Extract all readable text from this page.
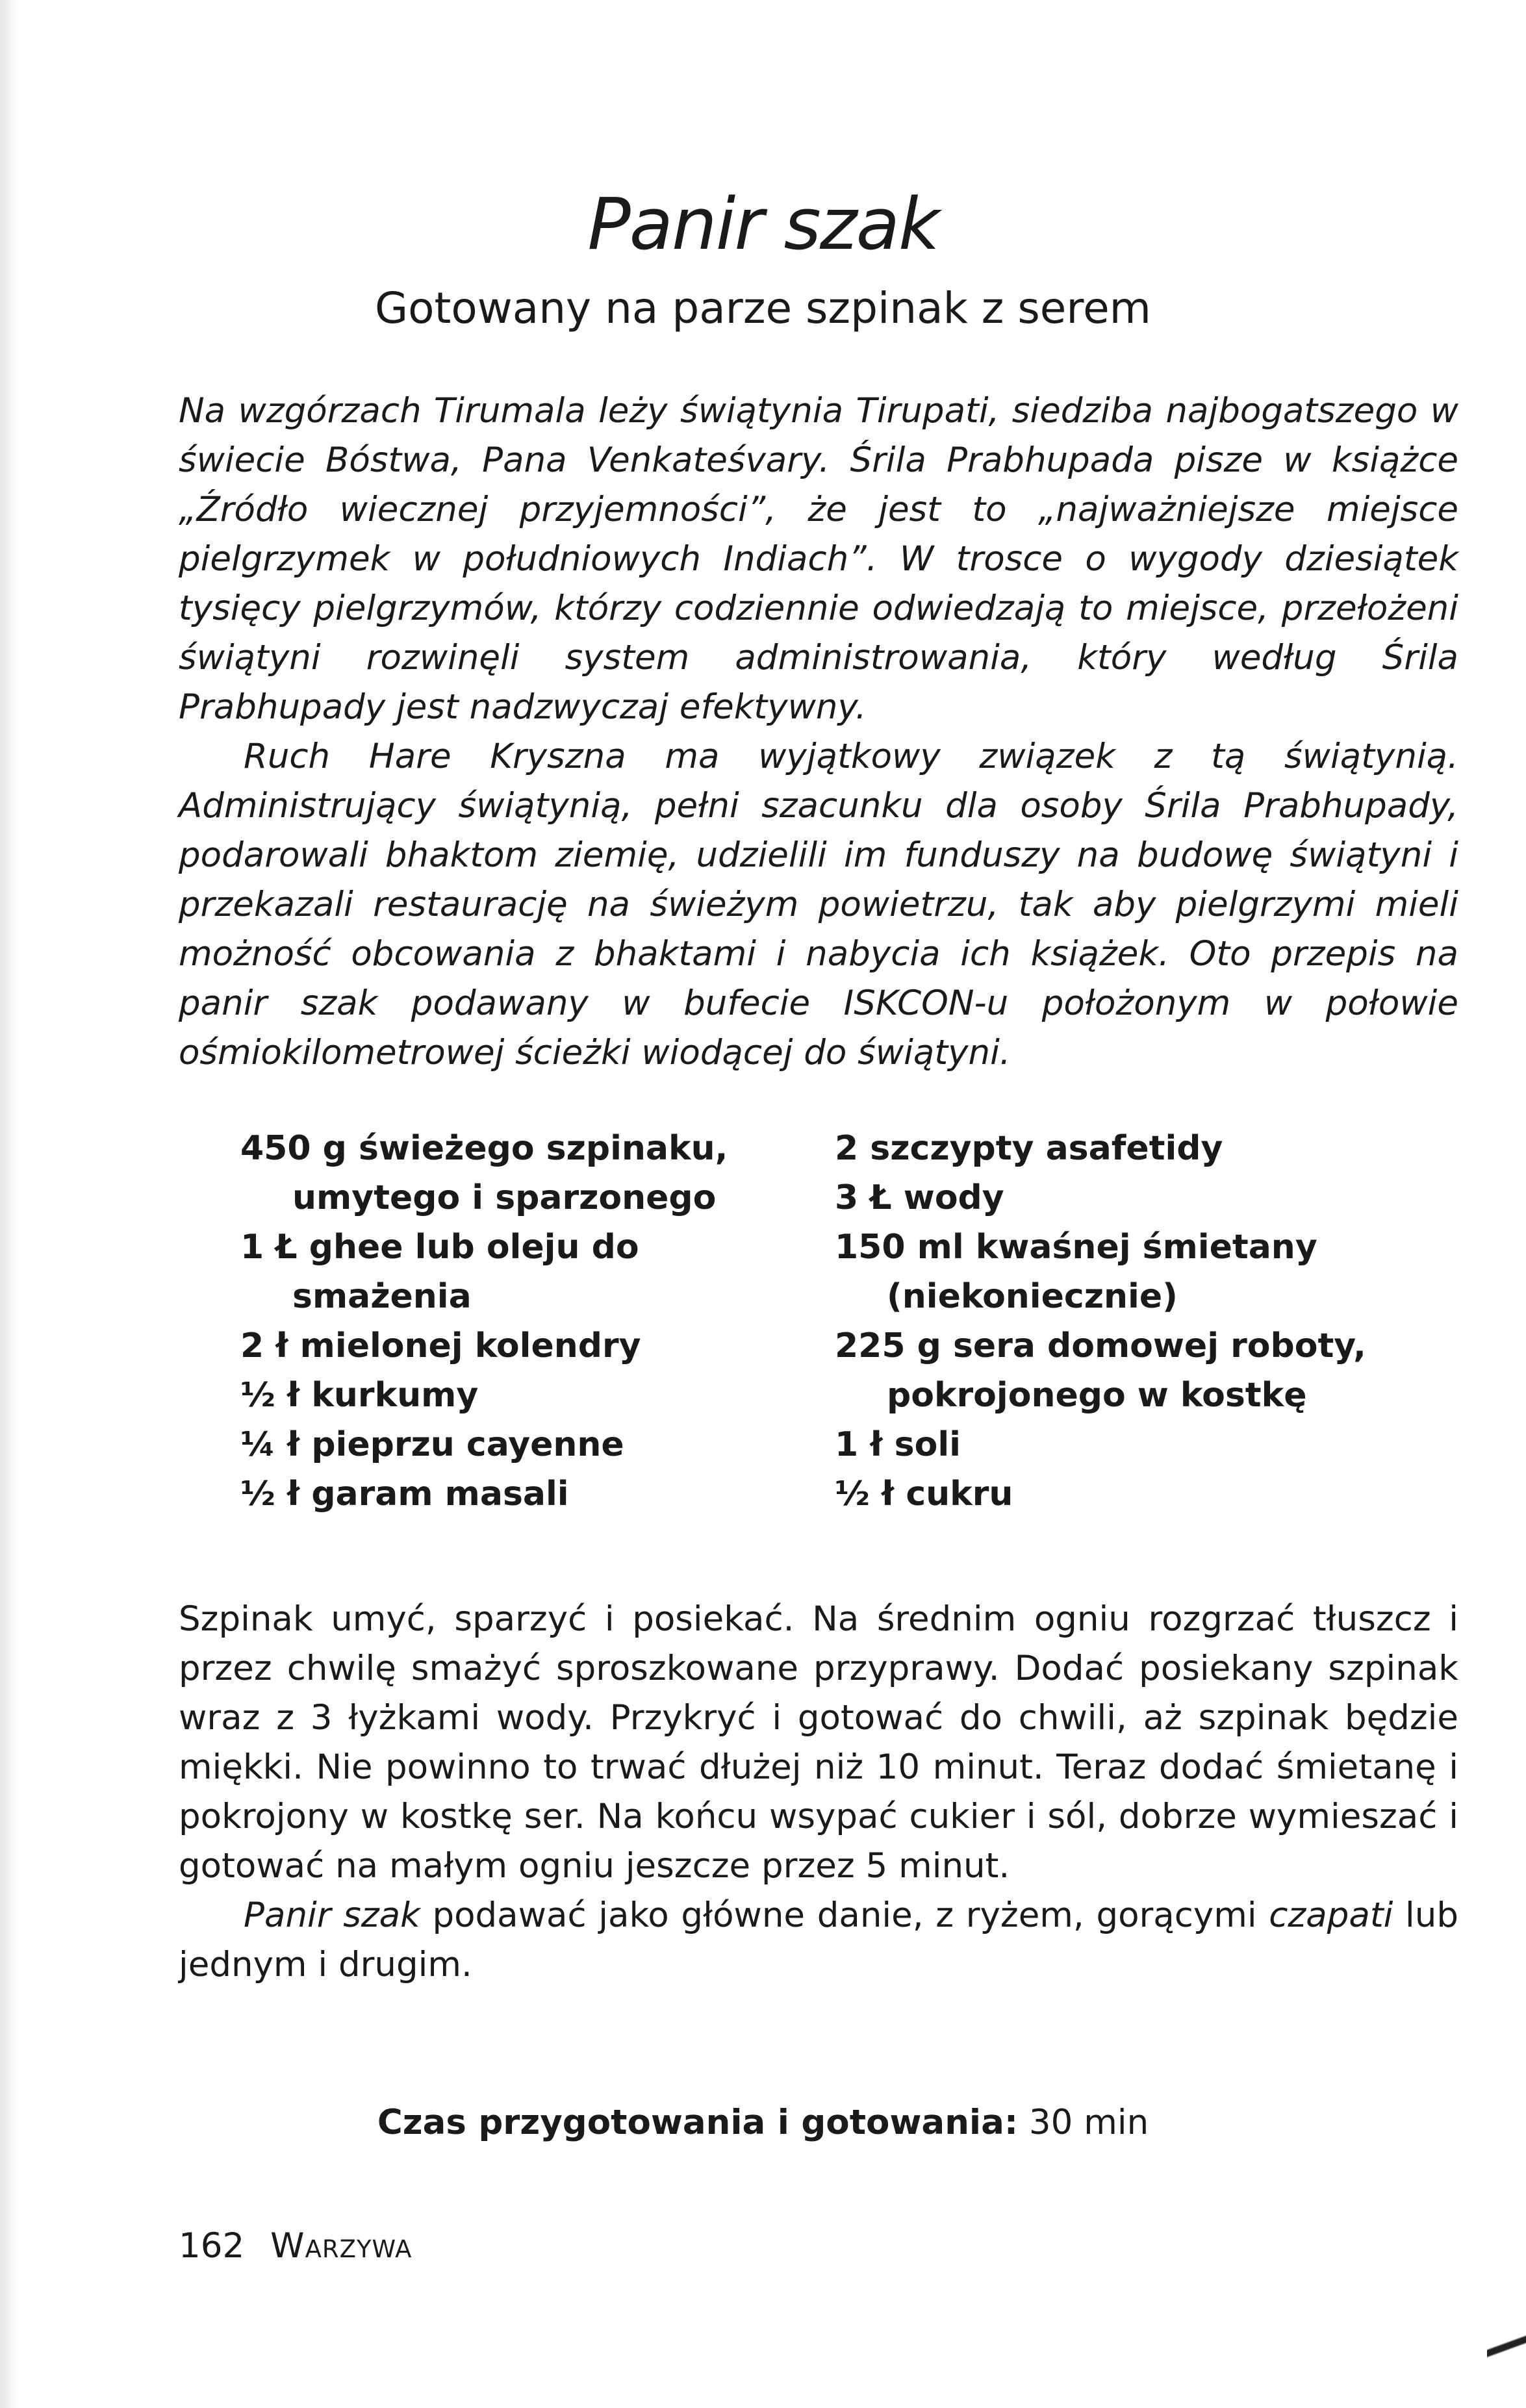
Panir szak
Gotowany na parze szpinak z serem

Na wzgórzach Tirumala leży świątynia Tirupati, siedziba najbogatszego w świecie Bóstwa, Pana Venkateśvary. Śrila Prabhupada pisze w książce „Źródło wiecznej przyjemności”, że jest to „najważniejsze miejsce pielgrzymek w południowych Indiach”. W trosce o wygody dziesiątek tysięcy pielgrzymów, którzy codziennie odwiedzają to miejsce, przełożeni świątyni rozwinęli system administrowania, który według Śrila Prabhupady jest nadzwyczaj efektywny.

Ruch Hare Kryszna ma wyjątkowy związek z tą świątynią. Administrujący świątynią, pełni szacunku dla osoby Śrila Prabhupady, podarowali bhaktom ziemię, udzielili im funduszy na budowę świątyni i przekazali restaurację na świeżym powietrzu, tak aby pielgrzymi mieli możność obcowania z bhaktami i nabycia ich książek. Oto przepis na panir szak podawany w bufecie ISKCON-u położonym w połowie ośmiokilometrowej ścieżki wiodącej do świątyni.

450 g świeżego szpinaku, umytego i sparzonego
1 Ł ghee lub oleju do smażenia
2 ł mielonej kolendry
½ ł kurkumy
¼ ł pieprzu cayenne
½ ł garam masali
2 szczypty asafetidy
3 Ł wody
150 ml kwaśnej śmietany (niekoniecznie)
225 g sera domowej roboty, pokrojonego w kostkę
1 ł soli
½ ł cukru

Szpinak umyć, sparzyć i posiekać. Na średnim ogniu rozgrzać tłuszcz i przez chwilę smażyć sproszkowane przyprawy. Dodać posiekany szpinak wraz z 3 łyżkami wody. Przykryć i gotować do chwili, aż szpinak będzie miękki. Nie powinno to trwać dłużej niż 10 minut. Teraz dodać śmietanę i pokrojony w kostkę ser. Na końcu wsypać cukier i sól, dobrze wymieszać i gotować na małym ogniu jeszcze przez 5 minut.

Panir szak podawać jako główne danie, z ryżem, gorącymi czapati lub jednym i drugim.

Czas przygotowania i gotowania: 30 min
162 Warzywa
